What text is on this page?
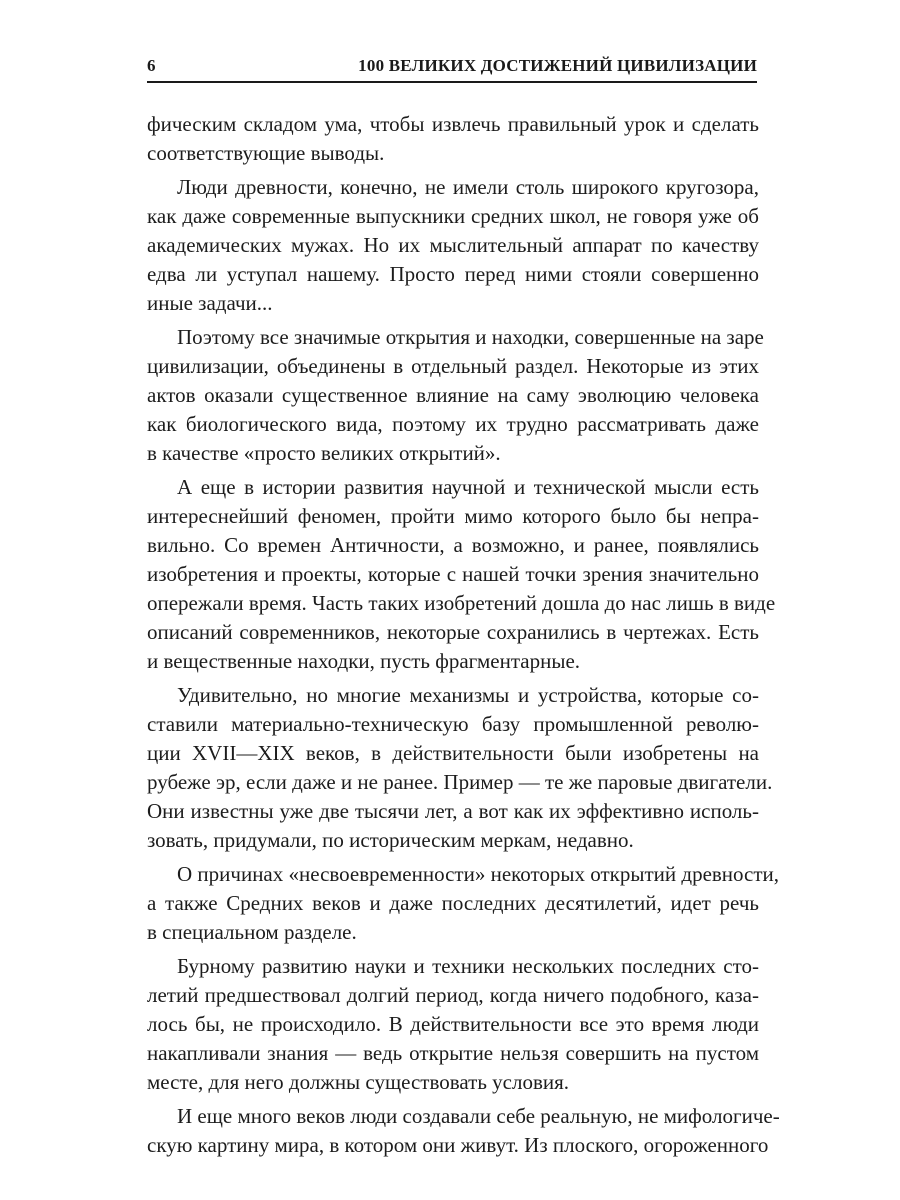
6	100 ВЕЛИКИХ ДОСТИЖЕНИЙ ЦИВИЛИЗАЦИИ
фическим складом ума, чтобы извлечь правильный урок и сделать
соответствующие выводы.
Люди древности, конечно, не имели столь широкого кругозора,
как даже современные выпускники средних школ, не говоря уже об
академических мужах. Но их мыслительный аппарат по качеству
едва ли уступал нашему. Просто перед ними стояли совершенно
иные задачи...
Поэтому все значимые открытия и находки, совершенные на заре
цивилизации, объединены в отдельный раздел. Некоторые из этих
актов оказали существенное влияние на саму эволюцию человека
как биологического вида, поэтому их трудно рассматривать даже
в качестве «просто великих открытий».
А еще в истории развития научной и технической мысли есть
интереснейший феномен, пройти мимо которого было бы непра-
вильно. Со времен Античности, а возможно, и ранее, появлялись
изобретения и проекты, которые с нашей точки зрения значительно
опережали время. Часть таких изобретений дошла до нас лишь в виде
описаний современников, некоторые сохранились в чертежах. Есть
и вещественные находки, пусть фрагментарные.
Удивительно, но многие механизмы и устройства, которые со-
ставили материально-техническую базу промышленной револю-
ции XVII—XIX веков, в действительности были изобретены на
рубеже эр, если даже и не ранее. Пример — те же паровые двигатели.
Они известны уже две тысячи лет, а вот как их эффективно исполь-
зовать, придумали, по историческим меркам, недавно.
О причинах «несвоевременности» некоторых открытий древности,
а также Средних веков и даже последних десятилетий, идет речь
в специальном разделе.
Бурному развитию науки и техники нескольких последних сто-
летий предшествовал долгий период, когда ничего подобного, каза-
лось бы, не происходило. В действительности все это время люди
накапливали знания — ведь открытие нельзя совершить на пустом
месте, для него должны существовать условия.
И еще много веков люди создавали себе реальную, не мифологиче-
скую картину мира, в котором они живут. Из плоского, огороженного
